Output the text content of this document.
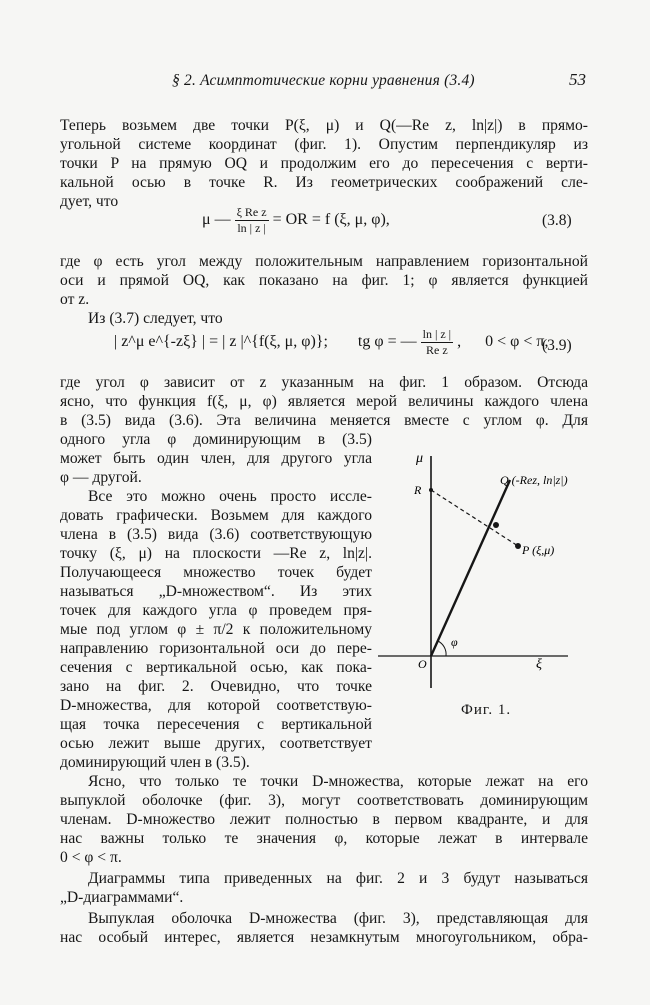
§ 2. Асимптотические корни уравнения (3.4)	53
Теперь возьмем две точки P(ξ, μ) и Q(—Re z, ln|z|) в прямо-
угольной системе координат (фиг. 1). Опустим перпендикуляр из
точки P на прямую OQ и продолжим его до пересечения с верти-
кальной осью в точке R. Из геометрических соображений сле-
дует, что
μ — $\frac{\text{ξ Re z}}{\ln | z |}$ = OR = f (ξ, μ, φ),	(3.8)
где φ есть угол между положительным направлением горизонтальной
оси и прямой OQ, как показано на фиг. 1; φ является функцией
от z.
Из (3.7) следует, что
| z^μ e^{-zξ} | = | z |^{f(ξ, μ, φ)}; tg φ = — $\frac{\ln | z |}{\text{Re z}}$ ,      0 < φ < π,
(3.9)
где угол φ зависит от z указанным на фиг. 1 образом. Отсюда
ясно, что функция f(ξ, μ, φ) является мерой величины каждого члена
в (3.5) вида (3.6). Эта величина меняется вместе с углом φ. Для
одного угла φ доминирующим в (3.5)
может быть один член, для другого угла
φ — другой.
Все это можно очень просто иссле-
довать графически. Возьмем для каждого
члена в (3.5) вида (3.6) соответствующую
точку (ξ, μ) на плоскости —Re z, ln|z|.
Получающееся множество точек будет
называться „D-множеством“. Из этих
точек для каждого угла φ проведем пря-
мые под углом φ ± π/2 к положительному
направлению горизонтальной оси до пере-
сечения с вертикальной осью, как пока-
зано на фиг. 2. Очевидно, что точке
D-множества, для которой соответствую-
щая точка пересечения с вертикальной
осью лежит выше других, соответствует
доминирующий член в (3.5).
Ясно, что только те точки D-множества, которые лежат на его
выпуклой оболочке (фиг. 3), могут соответствовать доминирующим
членам. D-множество лежит полностью в первом квадранте, и для
нас важны только те значения φ, которые лежат в интервале
0 < φ < π.
Диаграммы типа приведенных на фиг. 2 и 3 будут называться
„D-диаграммами“.
Выпуклая оболочка D-множества (фиг. 3), представляющая для
нас особый интерес, является незамкнутым многоугольником, обра-
μ
R
Q (-Rez, ln|z|)
P (ξ,μ)
φ
O	ξ
Фиг. 1.
